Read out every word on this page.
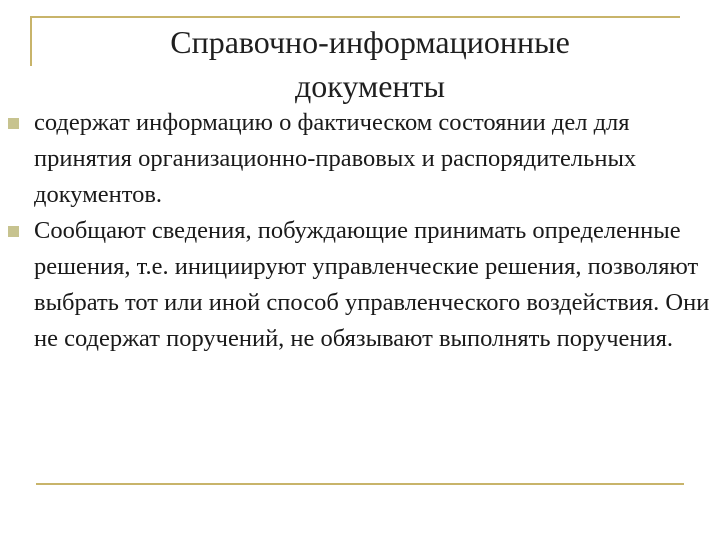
Справочно-информационные
документы
содержат информацию о фактическом состоянии дел для принятия организационно-правовых и распорядительных документов.
Сообщают сведения, побуждающие принимать определенные решения, т.е. инициируют управленческие решения, позволяют выбрать тот или иной способ управленческого воздействия. Они не содержат поручений, не обязывают выполнять поручения.
